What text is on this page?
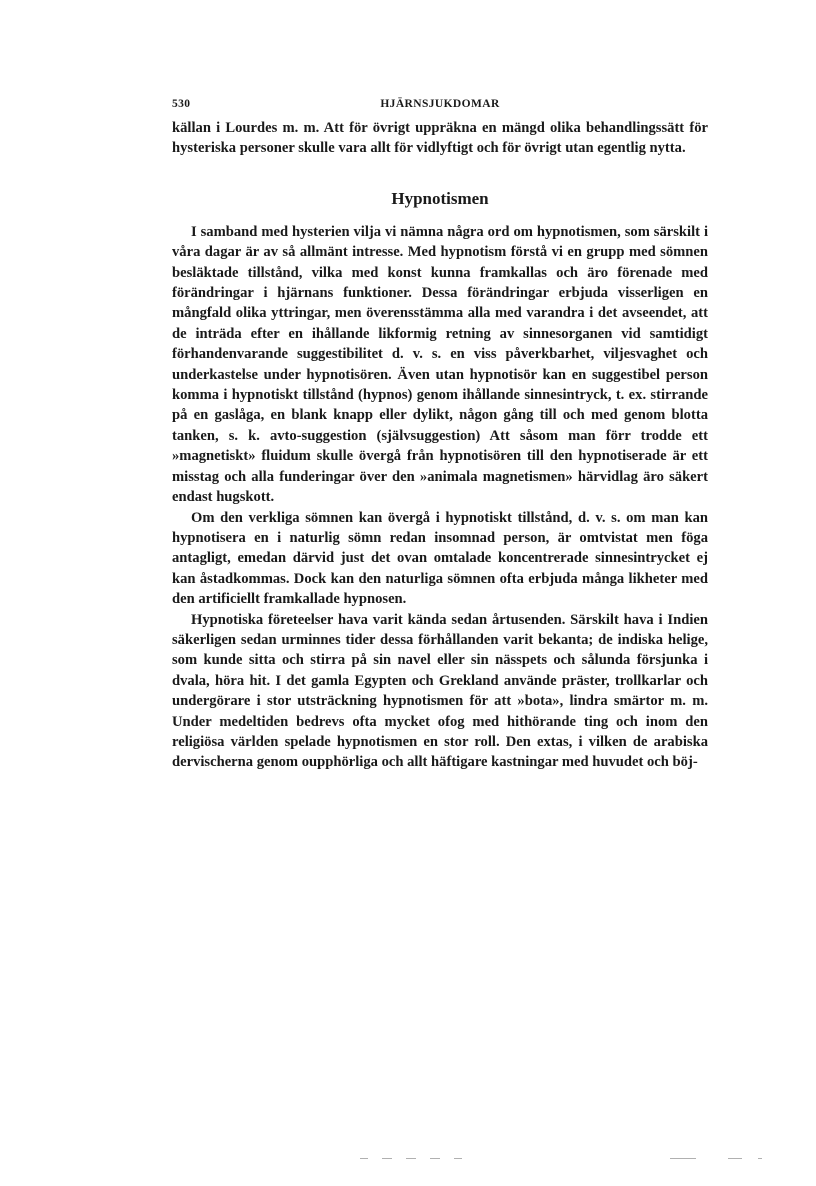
530	HJÄRNSJUKDOMAR

källan i Lourdes m. m. Att för övrigt uppräkna en mängd olika behandlingssätt för hysteriska personer skulle vara allt för vidlyftigt och för övrigt utan egentlig nytta.

Hypnotismen

I samband med hysterien vilja vi nämna några ord om hypnotismen, som särskilt i våra dagar är av så allmänt intresse. Med hypnotism förstå vi en grupp med sömnen besläktade tillstånd, vilka med konst kunna framkallas och äro förenade med förändringar i hjärnans funktioner. Dessa förändringar erbjuda visserligen en mångfald olika yttringar, men överensstämma alla med varandra i det avseendet, att de inträda efter en ihållande likformig retning av sinnesorganen vid samtidigt förhandenvarande suggestibilitet d. v. s. en viss påverkbarhet, viljesvaghet och underkastelse under hypnotisören. Även utan hypnotisör kan en suggestibel person komma i hypnotiskt tillstånd (hypnos) genom ihållande sinnesintryck, t. ex. stirrande på en gaslåga, en blank knapp eller dylikt, någon gång till och med genom blotta tanken, s. k. avto-suggestion (självsuggestion) Att såsom man förr trodde ett »magnetiskt» fluidum skulle övergå från hypnotisören till den hypnotiserade är ett misstag och alla funderingar över den »animala magnetismen» härvidlag äro säkert endast hugskott.

Om den verkliga sömnen kan övergå i hypnotiskt tillstånd, d. v. s. om man kan hypnotisera en i naturlig sömn redan insomnad person, är omtvistat men föga antagligt, emedan därvid just det ovan omtalade koncentrerade sinnesintrycket ej kan åstadkommas. Dock kan den naturliga sömnen ofta erbjuda många likheter med den artificiellt framkallade hypnosen.

Hypnotiska företeelser hava varit kända sedan årtusenden. Särskilt hava i Indien säkerligen sedan urminnes tider dessa förhållanden varit bekanta; de indiska helige, som kunde sitta och stirra på sin navel eller sin nässpets och sålunda försjunka i dvala, höra hit. I det gamla Egypten och Grekland använde präster, trollkarlar och undergörare i stor utsträckning hypnotismen för att »bota», lindra smärtor m. m. Under medeltiden bedrevs ofta mycket ofog med hithörande ting och inom den religiösa världen spelade hypnotismen en stor roll. Den extas, i vilken de arabiska dervischerna genom oupphörliga och allt häftigare kastningar med huvudet och böj-
